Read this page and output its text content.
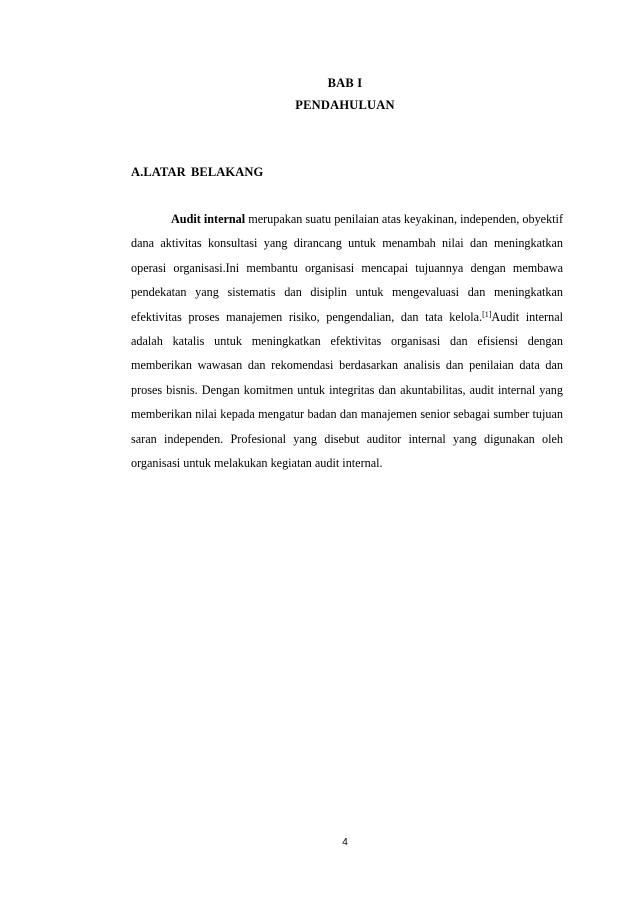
BAB I
PENDAHULUAN
A.LATAR BELAKANG

Audit internal merupakan suatu penilaian atas keyakinan, independen, obyektif dana aktivitas konsultasi yang dirancang untuk menambah nilai dan meningkatkan operasi organisasi.Ini membantu organisasi mencapai tujuannya dengan membawa pendekatan yang sistematis dan disiplin untuk mengevaluasi dan meningkatkan efektivitas proses manajemen risiko, pengendalian, dan tata kelola.[1]Audit internal adalah katalis untuk meningkatkan efektivitas organisasi dan efisiensi dengan memberikan wawasan dan rekomendasi berdasarkan analisis dan penilaian data dan proses bisnis. Dengan komitmen untuk integritas dan akuntabilitas, audit internal yang memberikan nilai kepada mengatur badan dan manajemen senior sebagai sumber tujuan saran independen. Profesional yang disebut auditor internal yang digunakan oleh organisasi untuk melakukan kegiatan audit internal.

4
